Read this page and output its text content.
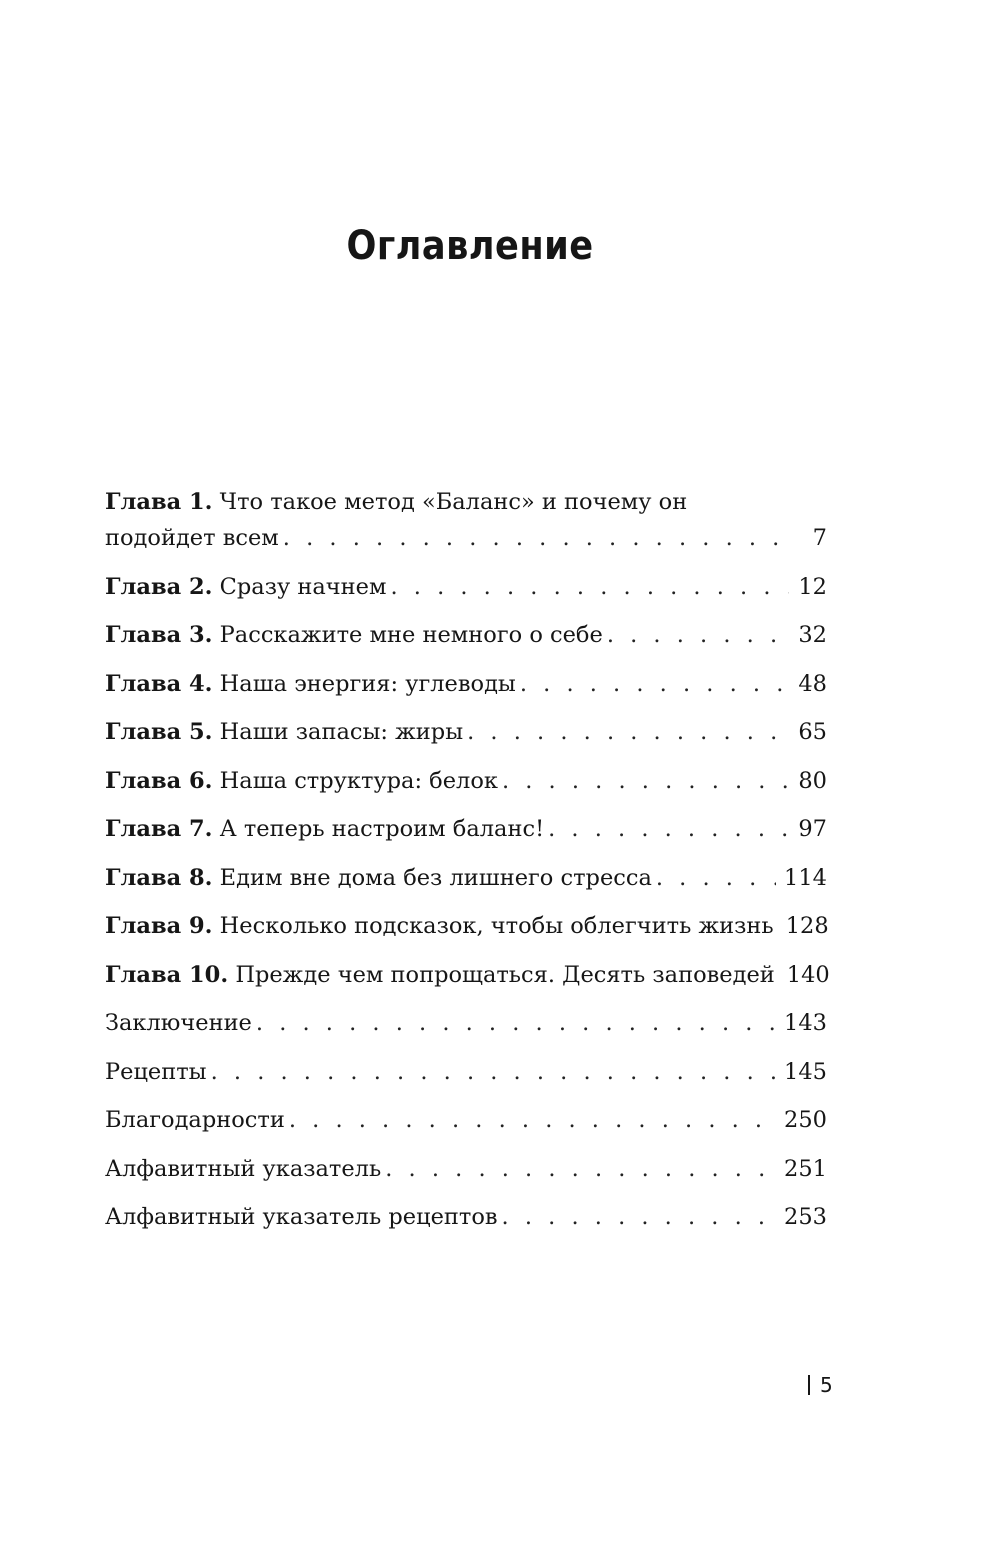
Оглавление
Глава 1. Что такое метод «Баланс» и почему он
подойдет всем . . .	7
Глава 2. Сразу начнем . . .	12
Глава 3. Расскажите мне немного о себе . . .	32
Глава 4. Наша энергия: углеводы . . .	48
Глава 5. Наши запасы: жиры . . .	65
Глава 6. Наша структура: белок . . .	80
Глава 7. А теперь настроим баланс! . . .	97
Глава 8. Едим вне дома без лишнего стресса . . .	114
Глава 9. Несколько подсказок, чтобы облегчить жизнь 128
Глава 10. Прежде чем попрощаться. Десять заповедей 140
Заключение . . .	143
Рецепты . . .	145
Благодарности . . .	250
Алфавитный указатель . . .	251
Алфавитный указатель рецептов . . .	253
5
